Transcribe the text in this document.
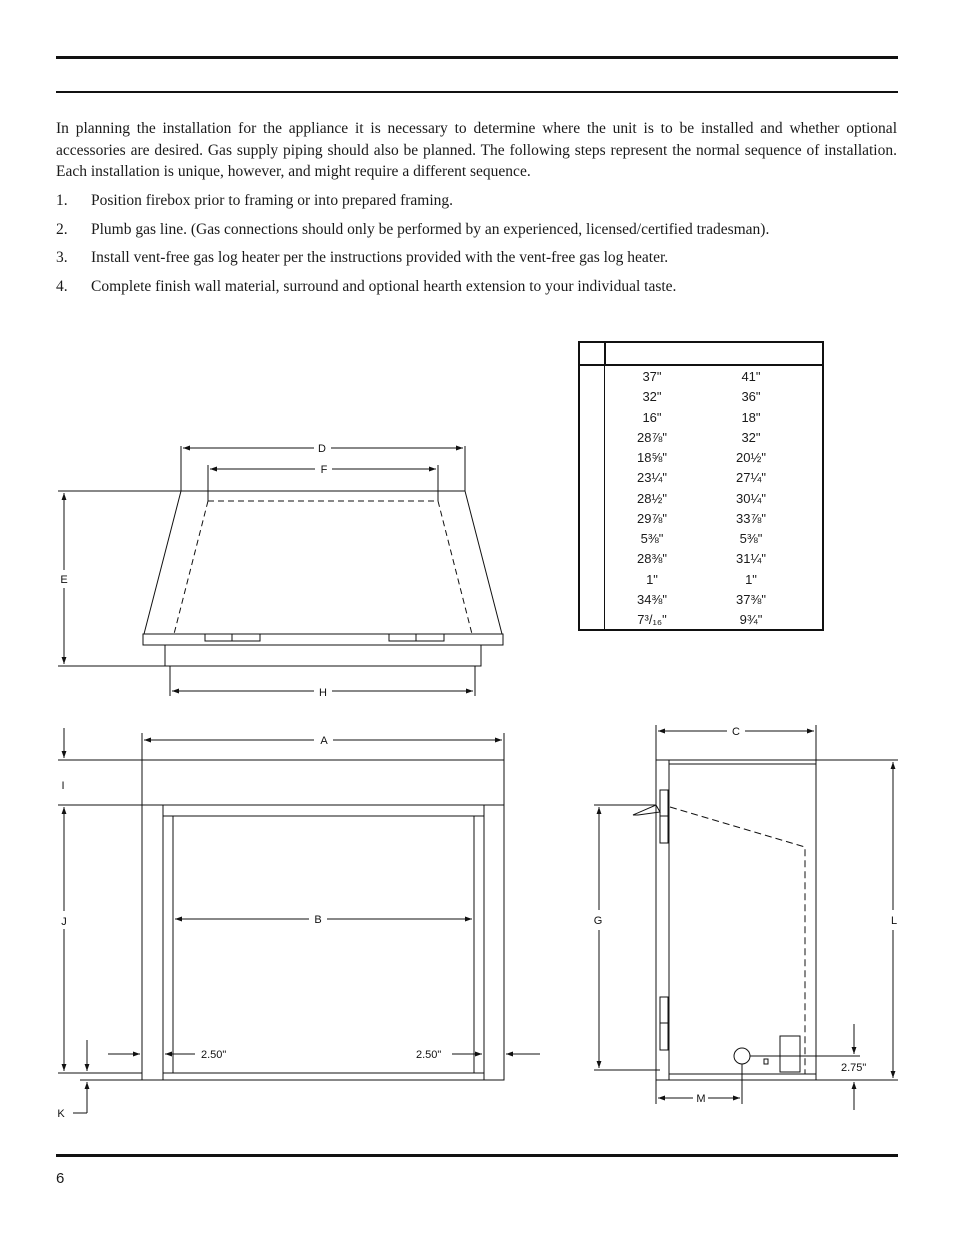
In planning the installation for the appliance it is necessary to determine where the unit is to be installed and whether optional accessories are desired. Gas supply piping should also be planned. The following steps represent the normal sequence of installation. Each installation is unique, however, and might require a different sequence.

1. Position firebox prior to framing or into prepared framing.
2. Plumb gas line. (Gas connections should only be performed by an experienced, licensed/certified tradesman).
3. Install vent-free gas log heater per the instructions provided with the vent-free gas log heater.
4. Complete finish wall material, surround and optional hearth extension to your individual taste.
37"	41"
32"	36"
16"	18"
28⅞"	32"
18⅝"	20½"
23¼"	27¼"
28½"	30¼"
29⅞"	33⅞"
5⅜"	5⅜"
28⅜"	31¼"
1"	1"
34⅜"	37⅜"
7³/₁₆"	9¾"
D
F
E
H
A
B
I
J
K
2.50"	2.50"
C
G	L
2.75"
M
6
